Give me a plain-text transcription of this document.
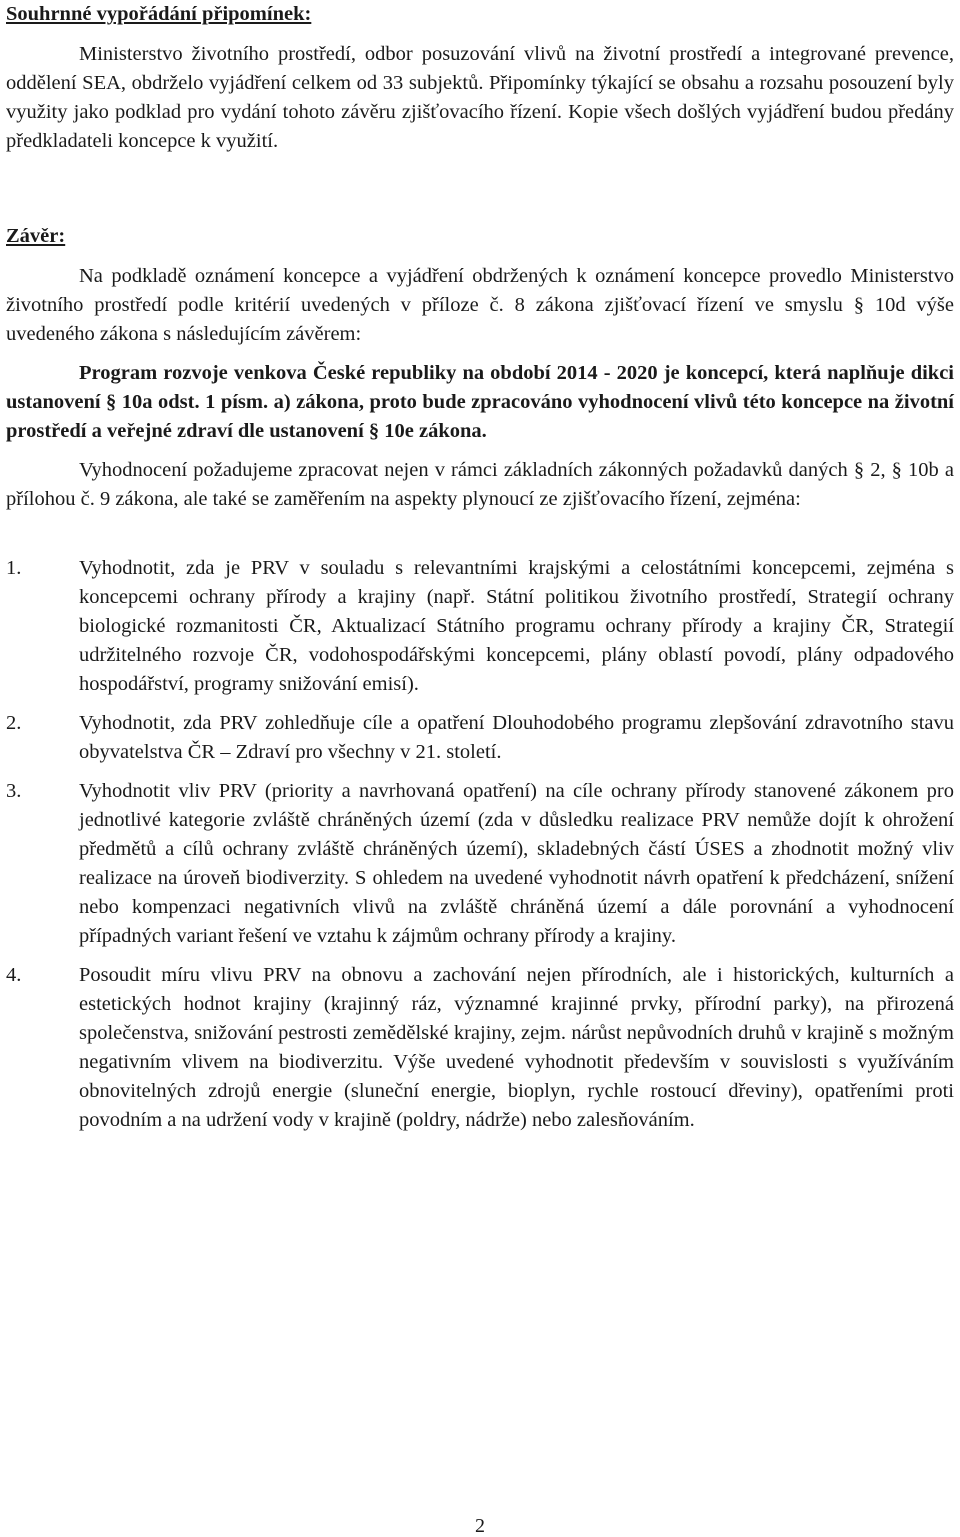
Souhrnné vypořádání připomínek:

Ministerstvo životního prostředí, odbor posuzování vlivů na životní prostředí a integrované prevence, oddělení SEA, obdrželo vyjádření celkem od 33 subjektů. Připomínky týkající se obsahu a rozsahu posouzení byly využity jako podklad pro vydání tohoto závěru zjišťovacího řízení. Kopie všech došlých vyjádření budou předány předkladateli koncepce k využití.

Závěr:

Na podkladě oznámení koncepce a vyjádření obdržených k oznámení koncepce provedlo Ministerstvo životního prostředí podle kritérií uvedených v příloze č. 8 zákona zjišťovací řízení ve smyslu § 10d výše uvedeného zákona s následujícím závěrem:

Program rozvoje venkova České republiky na období 2014 - 2020 je koncepcí, která naplňuje dikci ustanovení § 10a odst. 1 písm. a) zákona, proto bude zpracováno vyhodnocení vlivů této koncepce na životní prostředí a veřejné zdraví dle ustanovení § 10e zákona.

Vyhodnocení požadujeme zpracovat nejen v rámci základních zákonných požadavků daných § 2, § 10b a přílohou č. 9 zákona, ale také se zaměřením na aspekty plynoucí ze zjišťovacího řízení, zejména:

1.	Vyhodnotit, zda je PRV v souladu s relevantními krajskými a celostátními koncepcemi, zejména s koncepcemi ochrany přírody a krajiny (např. Státní politikou životního prostředí, Strategií ochrany biologické rozmanitosti ČR, Aktualizací Státního programu ochrany přírody a krajiny ČR, Strategií udržitelného rozvoje ČR, vodohospodářskými koncepcemi, plány oblastí povodí, plány odpadového hospodářství, programy snižování emisí).
2.	Vyhodnotit, zda PRV zohledňuje cíle a opatření Dlouhodobého programu zlepšování zdravotního stavu obyvatelstva ČR – Zdraví pro všechny v 21. století.
3.	Vyhodnotit vliv PRV (priority a navrhovaná opatření) na cíle ochrany přírody stanovené zákonem pro jednotlivé kategorie zvláště chráněných území (zda v důsledku realizace PRV nemůže dojít k ohrožení předmětů a cílů ochrany zvláště chráněných území), skladebných částí ÚSES a zhodnotit možný vliv realizace na úroveň biodiverzity. S ohledem na uvedené vyhodnotit návrh opatření k předcházení, snížení nebo kompenzaci negativních vlivů na zvláště chráněná území a dále porovnání a vyhodnocení případných variant řešení ve vztahu k zájmům ochrany přírody a krajiny.
4.	Posoudit míru vlivu PRV na obnovu a zachování nejen přírodních, ale i historických, kulturních a estetických hodnot krajiny (krajinný ráz, významné krajinné prvky, přírodní parky), na přirozená společenstva, snižování pestrosti zemědělské krajiny, zejm. nárůst nepůvodních druhů v krajině s možným negativním vlivem na biodiverzitu. Výše uvedené vyhodnotit především v souvislosti s využíváním obnovitelných zdrojů energie (sluneční energie, bioplyn, rychle rostoucí dřeviny), opatřeními proti povodním a na udržení vody v krajině (poldry, nádrže) nebo zalesňováním.
2
